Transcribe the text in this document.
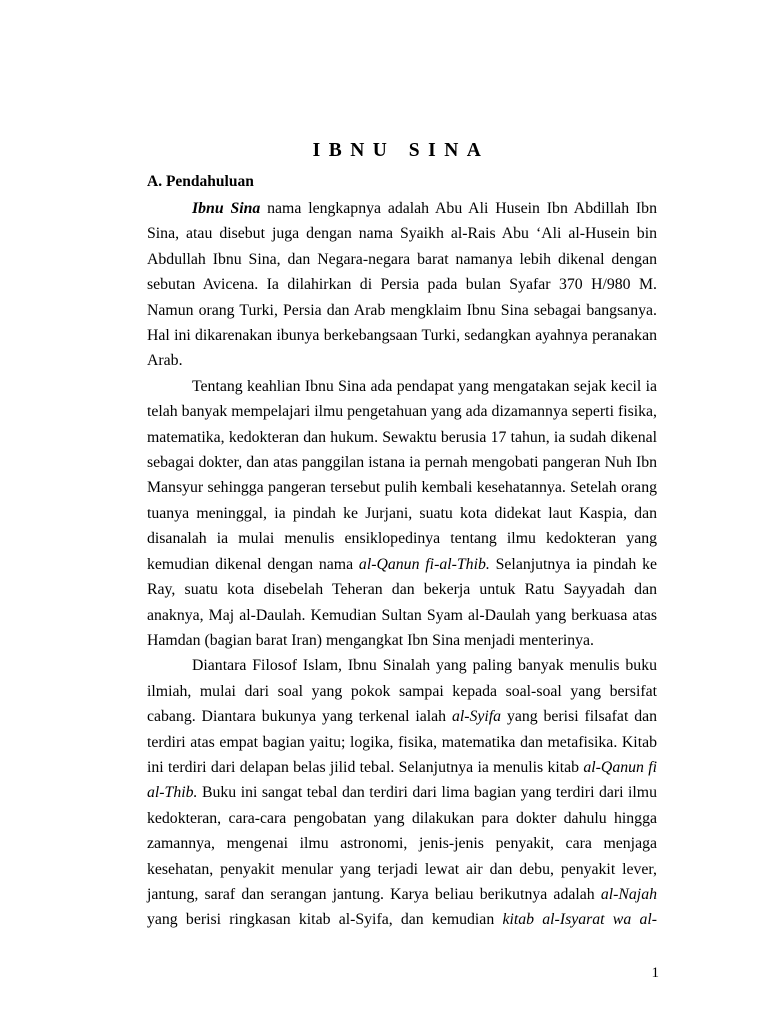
IBNU SINA
A. Pendahuluan

Ibnu Sina nama lengkapnya adalah Abu Ali Husein Ibn Abdillah Ibn Sina, atau disebut juga dengan nama Syaikh al-Rais Abu ‘Ali al-Husein bin Abdullah Ibnu Sina, dan Negara-negara barat namanya lebih dikenal dengan sebutan Avicena. Ia dilahirkan di Persia pada bulan Syafar 370 H/980 M. Namun orang Turki, Persia dan Arab mengklaim Ibnu Sina sebagai bangsanya. Hal ini dikarenakan ibunya berkebangsaan Turki, sedangkan ayahnya peranakan Arab.

Tentang keahlian Ibnu Sina ada pendapat yang mengatakan sejak kecil ia telah banyak mempelajari ilmu pengetahuan yang ada dizamannya seperti fisika, matematika, kedokteran dan hukum. Sewaktu berusia 17 tahun, ia sudah dikenal sebagai dokter, dan atas panggilan istana ia pernah mengobati pangeran Nuh Ibn Mansyur sehingga pangeran tersebut pulih kembali kesehatannya. Setelah orang tuanya meninggal, ia pindah ke Jurjani, suatu kota didekat laut Kaspia, dan disanalah ia mulai menulis ensiklopedinya tentang ilmu kedokteran yang kemudian dikenal dengan nama al-Qanun fi-al-Thib. Selanjutnya ia pindah ke Ray, suatu kota disebelah Teheran dan bekerja untuk Ratu Sayyadah dan anaknya, Maj al-Daulah. Kemudian Sultan Syam al-Daulah yang berkuasa atas Hamdan (bagian barat Iran) mengangkat Ibn Sina menjadi menterinya.

Diantara Filosof Islam, Ibnu Sinalah yang paling banyak menulis buku ilmiah, mulai dari soal yang pokok sampai kepada soal-soal yang bersifat cabang. Diantara bukunya yang terkenal ialah al-Syifa yang berisi filsafat dan terdiri atas empat bagian yaitu; logika, fisika, matematika dan metafisika. Kitab ini terdiri dari delapan belas jilid tebal. Selanjutnya ia menulis kitab al-Qanun fi al-Thib. Buku ini sangat tebal dan terdiri dari lima bagian yang terdiri dari ilmu kedokteran, cara-cara pengobatan yang dilakukan para dokter dahulu hingga zamannya, mengenai ilmu astronomi, jenis-jenis penyakit, cara menjaga kesehatan, penyakit menular yang terjadi lewat air dan debu, penyakit lever, jantung, saraf dan serangan jantung. Karya beliau berikutnya adalah al-Najah yang berisi ringkasan kitab al-Syifa, dan kemudian kitab al-Isyarat wa al-

1
